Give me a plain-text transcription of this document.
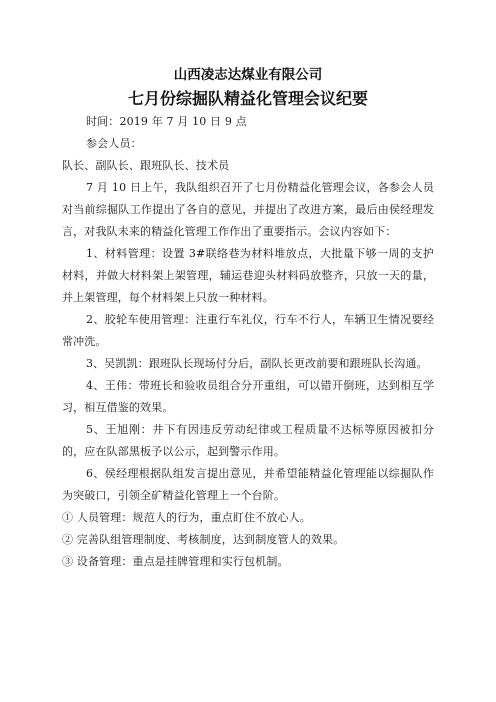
山西凌志达煤业有限公司
七月份综掘队精益化管理会议纪要

时间：2019 年 7 月 10 日 9 点

参会人员：

队长、副队长、跟班队长、技术员

7 月 10 日上午，我队组织召开了七月份精益化管理会议，各参会人员对当前综掘队工作提出了各自的意见，并提出了改进方案，最后由侯经理发言，对我队未来的精益化管理工作作出了重要指示。会议内容如下：

1、材料管理：设置 3#联络巷为材料堆放点，大批量下够一周的支护材料，并做大材料架上架管理，辅运巷迎头材料码放整齐，只放一天的量，并上架管理，每个材料架上只放一种材料。

2、胶轮车使用管理：注重行车礼仪，行车不行人，车辆卫生情况要经常冲洗。

3、吴凯凯：跟班队长现场付分后，副队长更改前要和跟班队长沟通。

4、王伟：带班长和验收员组合分开重组，可以错开倒班，达到相互学习，相互借鉴的效果。

5、王旭刚：井下有因违反劳动纪律或工程质量不达标等原因被扣分的，应在队部黑板予以公示，起到警示作用。

6、侯经理根据队组发言提出意见，并希望能精益化管理能以综掘队作为突破口，引领全矿精益化管理上一个台阶。

① 人员管理：规范人的行为，重点盯住不放心人。

② 完善队组管理制度、考核制度，达到制度管人的效果。

③ 设备管理：重点是挂牌管理和实行包机制。
